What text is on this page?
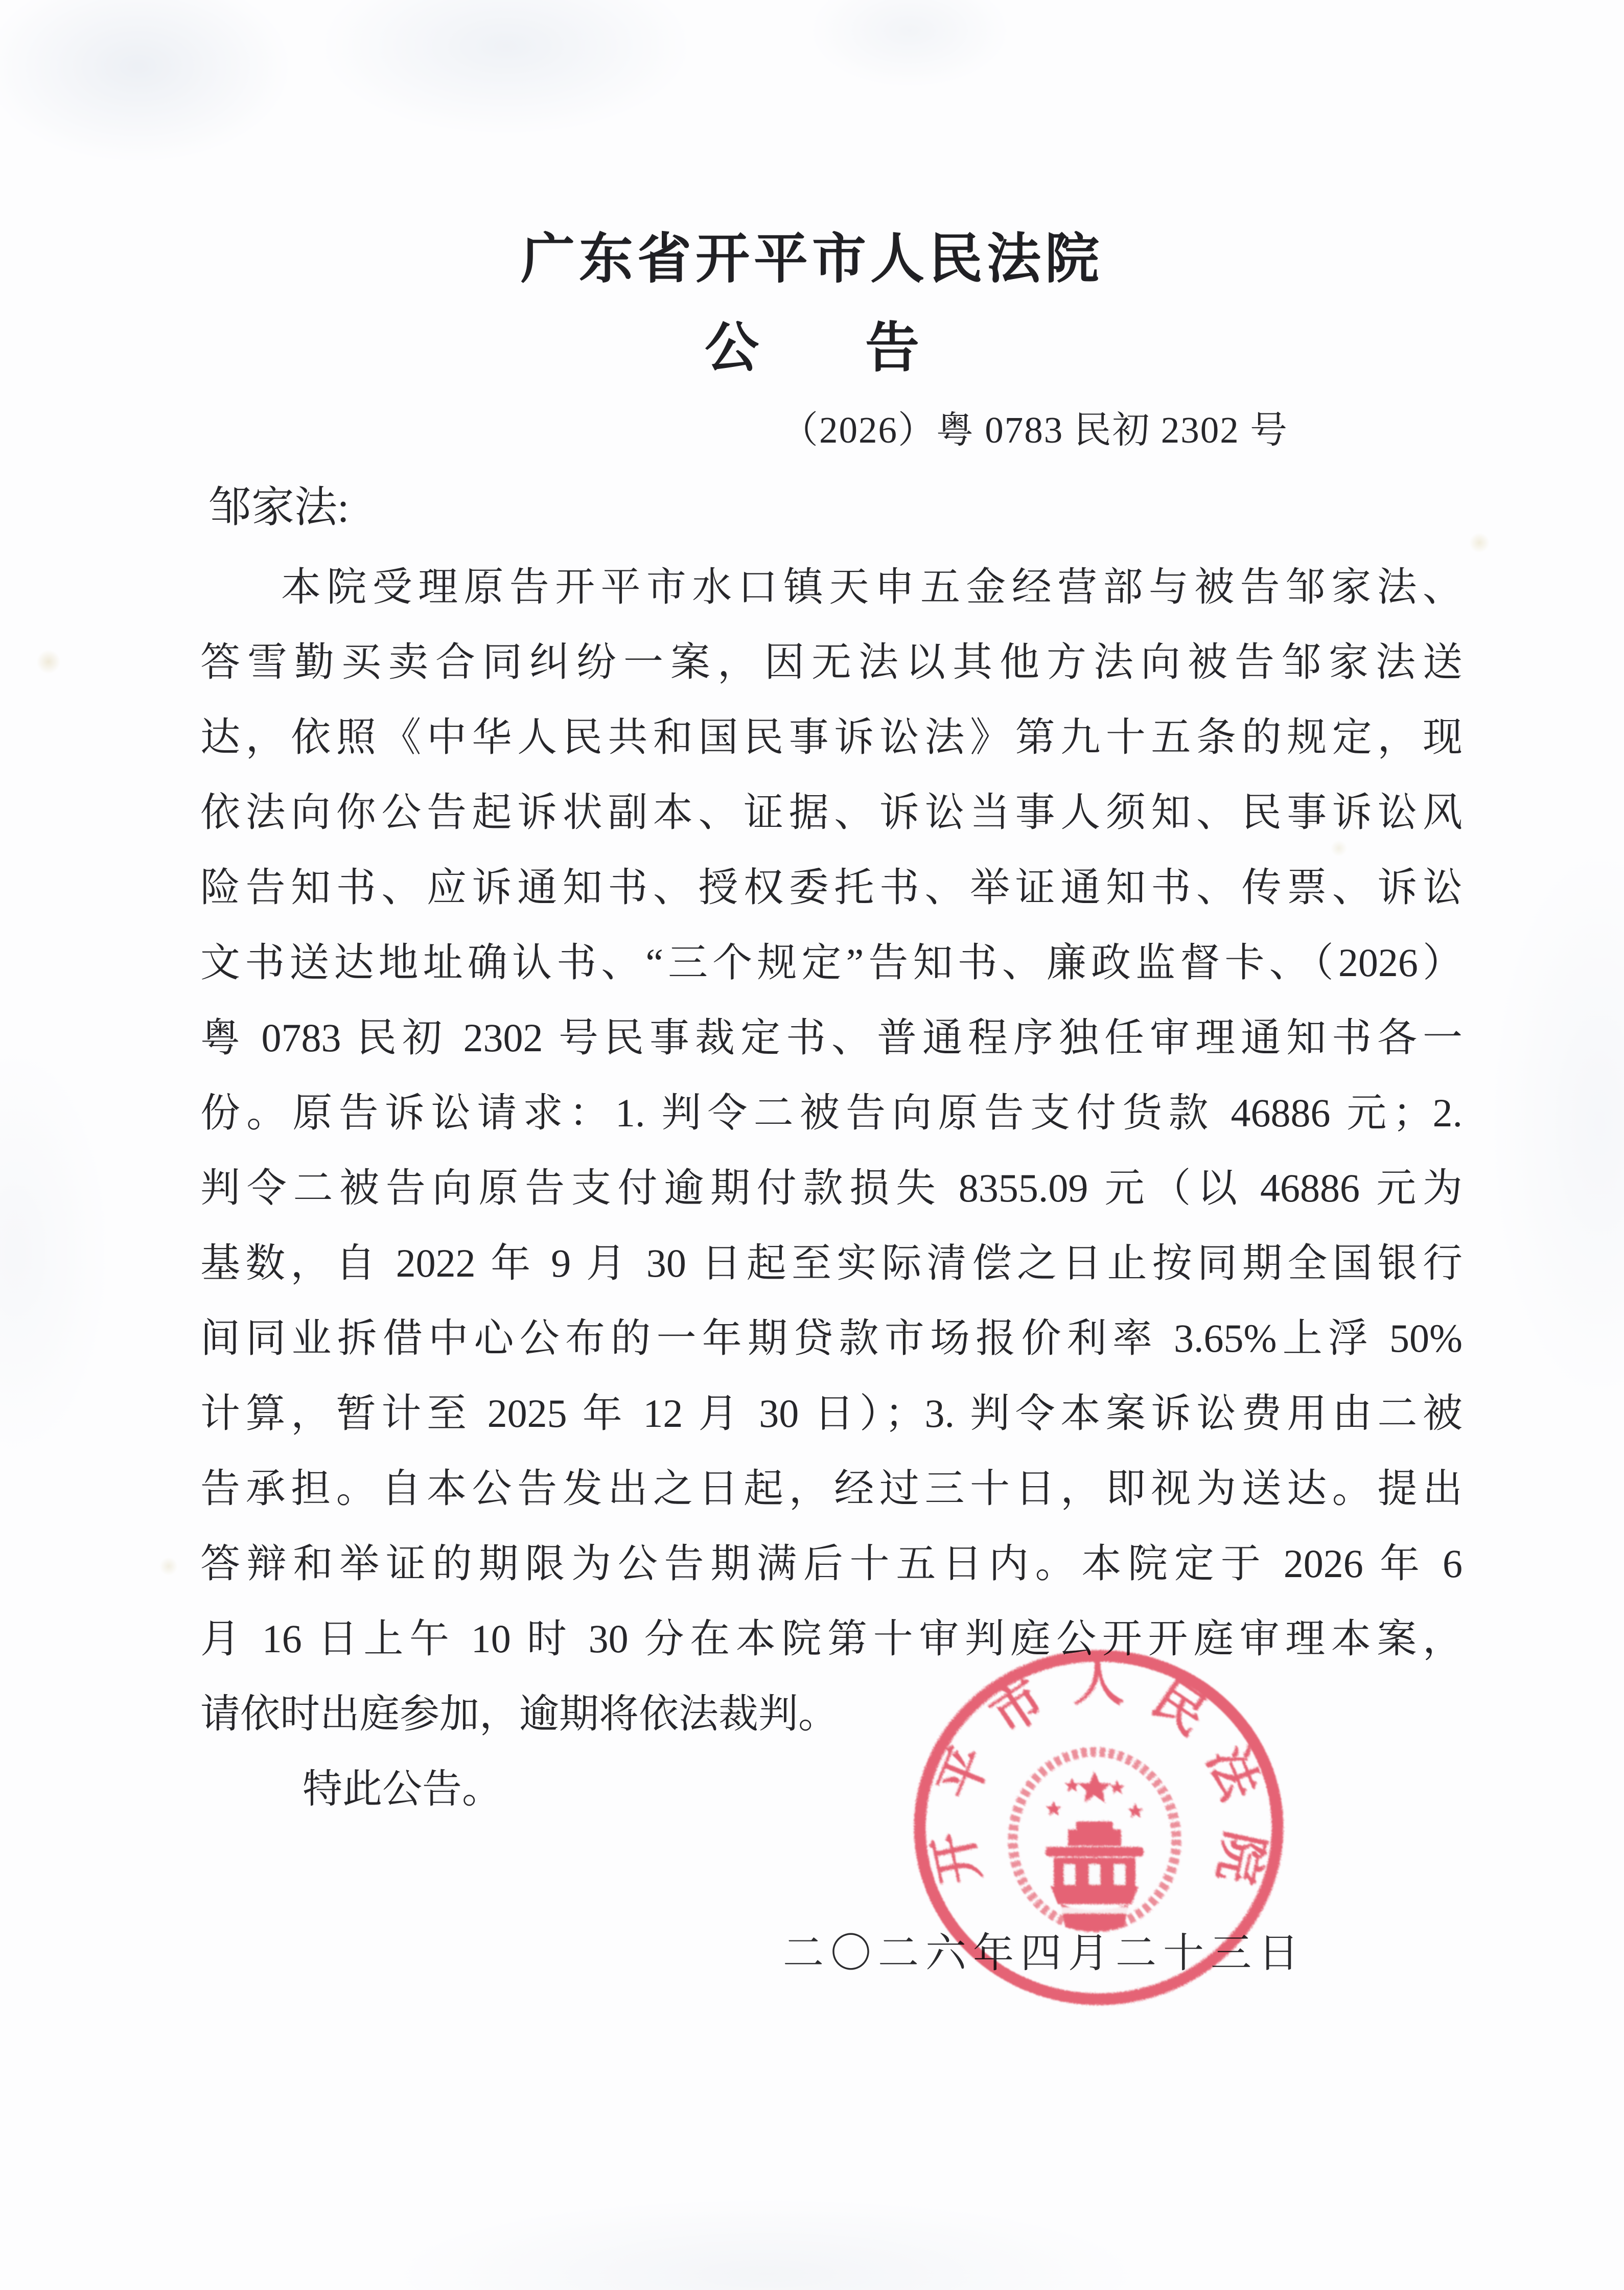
广东省开平市人民法院
公 告
（2026）粤 0783 民初 2302 号
邹家法:
本院受理原告开平市水口镇天申五金经营部与被告邹家法、
答雪勤买卖合同纠纷一案，因无法以其他方法向被告邹家法送
达，依照《中华人民共和国民事诉讼法》第九十五条的规定，现
依法向你公告起诉状副本、证据、诉讼当事人须知、民事诉讼风
险告知书、应诉通知书、授权委托书、举证通知书、传票、诉讼
文书送达地址确认书、“三个规定”告知书、廉政监督卡、（2026）
粤 0783 民初 2302 号民事裁定书、普通程序独任审理通知书各一
份。原告诉讼请求：1. 判令二被告向原告支付货款 46886 元；2.
判令二被告向原告支付逾期付款损失 8355.09 元（以 46886 元为
基数，自 2022 年 9 月 30 日起至实际清偿之日止按同期全国银行
间同业拆借中心公布的一年期贷款市场报价利率 3.65%上浮 50%
计算，暂计至 2025 年 12 月 30 日）；3. 判令本案诉讼费用由二被
告承担。自本公告发出之日起，经过三十日，即视为送达。提出
答辩和举证的期限为公告期满后十五日内。本院定于 2026 年 6
月 16 日上午 10 时 30 分在本院第十审判庭公开开庭审理本案，
请依时出庭参加，逾期将依法裁判。
特此公告。
二〇二六年四月二十三日
开
平
市 人 民
法
院
